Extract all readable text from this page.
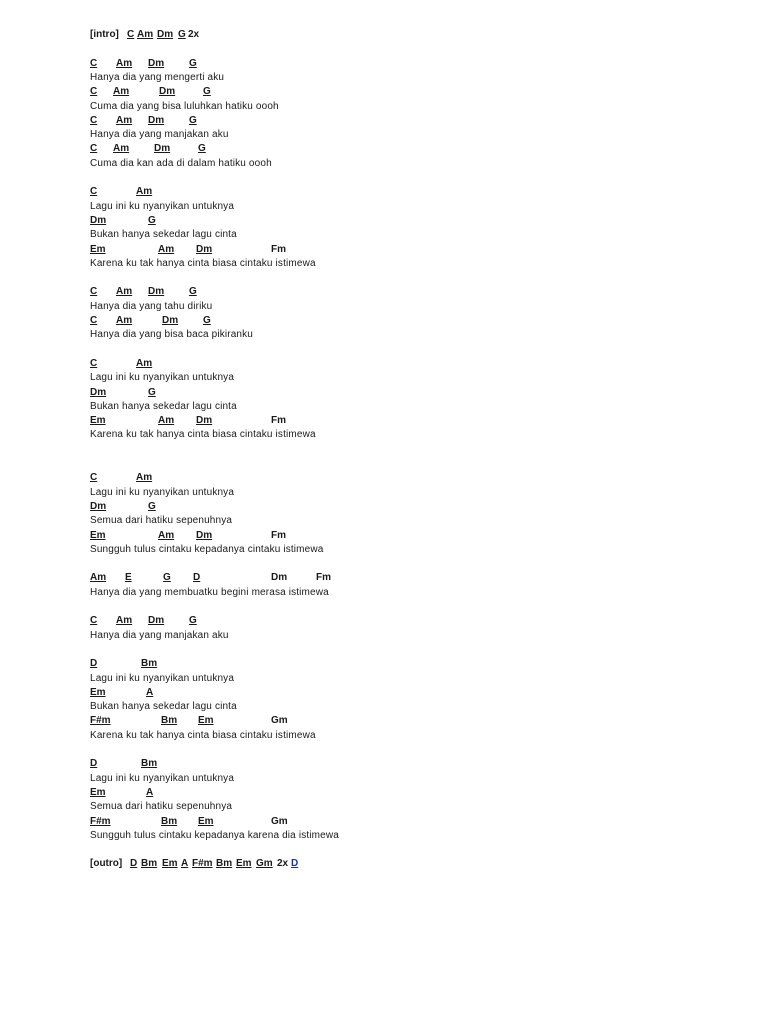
[intro] C Am Dm G 2x
C Am Dm G
Hanya dia yang mengerti aku
C Am	Dm	G
Cuma dia yang bisa luluhkan hatiku oooh
C Am Dm G
Hanya dia yang manjakan aku
C Am Dm	G
Cuma dia kan ada di dalam hatiku oooh
C	Am
Lagu ini ku nyanyikan untuknya
Dm	G
Bukan hanya sekedar lagu cinta
Em	Am Dm	Fm
Karena ku tak hanya cinta biasa cintaku istimewa
C Am Dm G
Hanya dia yang tahu diriku
C Am	Dm G
Hanya dia yang bisa baca pikiranku
C	Am
Lagu ini ku nyanyikan untuknya
Dm	G
Bukan hanya sekedar lagu cinta
Em	Am Dm	Fm
Karena ku tak hanya cinta biasa cintaku istimewa
C	Am
Lagu ini ku nyanyikan untuknya
Dm	G
Semua dari hatiku sepenuhnya
Em	Am Dm	Fm
Sungguh tulus cintaku kepadanya cintaku istimewa
Am E	G D	Dm	Fm
Hanya dia yang membuatku begini merasa istimewa
C Am Dm G
Hanya dia yang manjakan aku
D	Bm
Lagu ini ku nyanyikan untuknya
Em	A
Bukan hanya sekedar lagu cinta
F#m	Bm Em	Gm
Karena ku tak hanya cinta biasa cintaku istimewa
D	Bm
Lagu ini ku nyanyikan untuknya
Em	A
Semua dari hatiku sepenuhnya
F#m	Bm Em	Gm
Sungguh tulus cintaku kepadanya karena dia istimewa
[outro] D Bm Em A F#m Bm Em Gm 2x D
